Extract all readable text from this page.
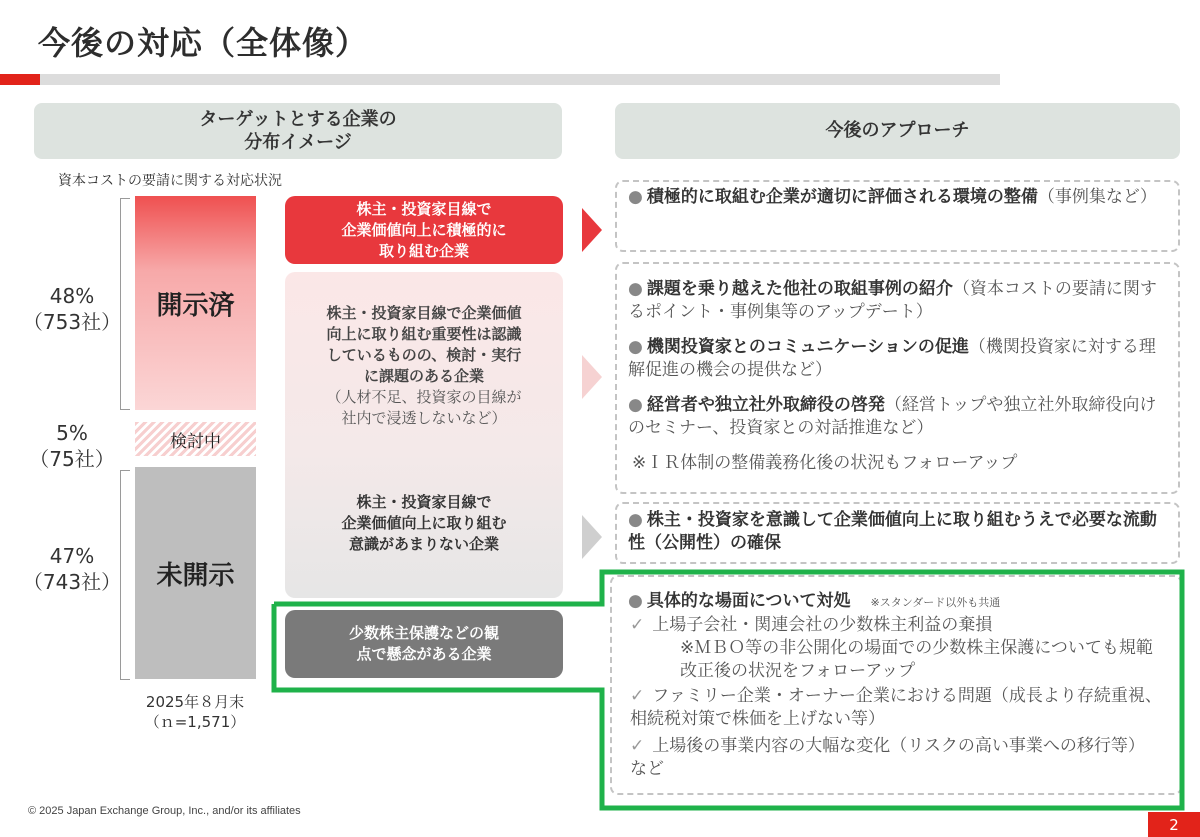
今後の対応（全体像）
ターゲットとする企業の
分布イメージ
今後のアプローチ
資本コストの要請に関する対応状況
48%
（753社）
5%
（75社）
47%
（743社）
開示済
検討中
未開示
2025年８月末
（ｎ=1,571）
株主・投資家目線で
企業価値向上に積極的に
取り組む企業
株主・投資家目線で企業価値
向上に取り組む重要性は認識
しているものの、検討・実行
に課題のある企業
（人材不足、投資家の目線が
社内で浸透しないなど）
株主・投資家目線で
企業価値向上に取り組む
意識があまりない企業
少数株主保護などの観
点で懸念がある企業
● 積極的に取組む企業が適切に評価される環境の整備（事例集など）
● 課題を乗り越えた他社の取組事例の紹介（資本コストの要請に関するポイント・事例集等のアップデート）
● 機関投資家とのコミュニケーションの促進（機関投資家に対する理解促進の機会の提供など）
● 経営者や独立社外取締役の啓発（経営トップや独立社外取締役向けのセミナー、投資家との対話推進など）
※ＩＲ体制の整備義務化後の状況もフォローアップ
● 株主・投資家を意識して企業価値向上に取り組むうえで必要な流動性（公開性）の確保
● 具体的な場面について対処 ※スタンダード以外も共通
✓ 上場子会社・関連会社の少数株主利益の棄損
※ＭＢＯ等の非公開化の場面での少数株主保護についても規範改正後の状況をフォローアップ
✓ ファミリー企業・オーナー企業における問題（成長より存続重視、相続税対策で株価を上げない等）
✓ 上場後の事業内容の大幅な変化（リスクの高い事業への移行等）　　　など
© 2025 Japan Exchange Group, Inc., and/or its affiliates
2
